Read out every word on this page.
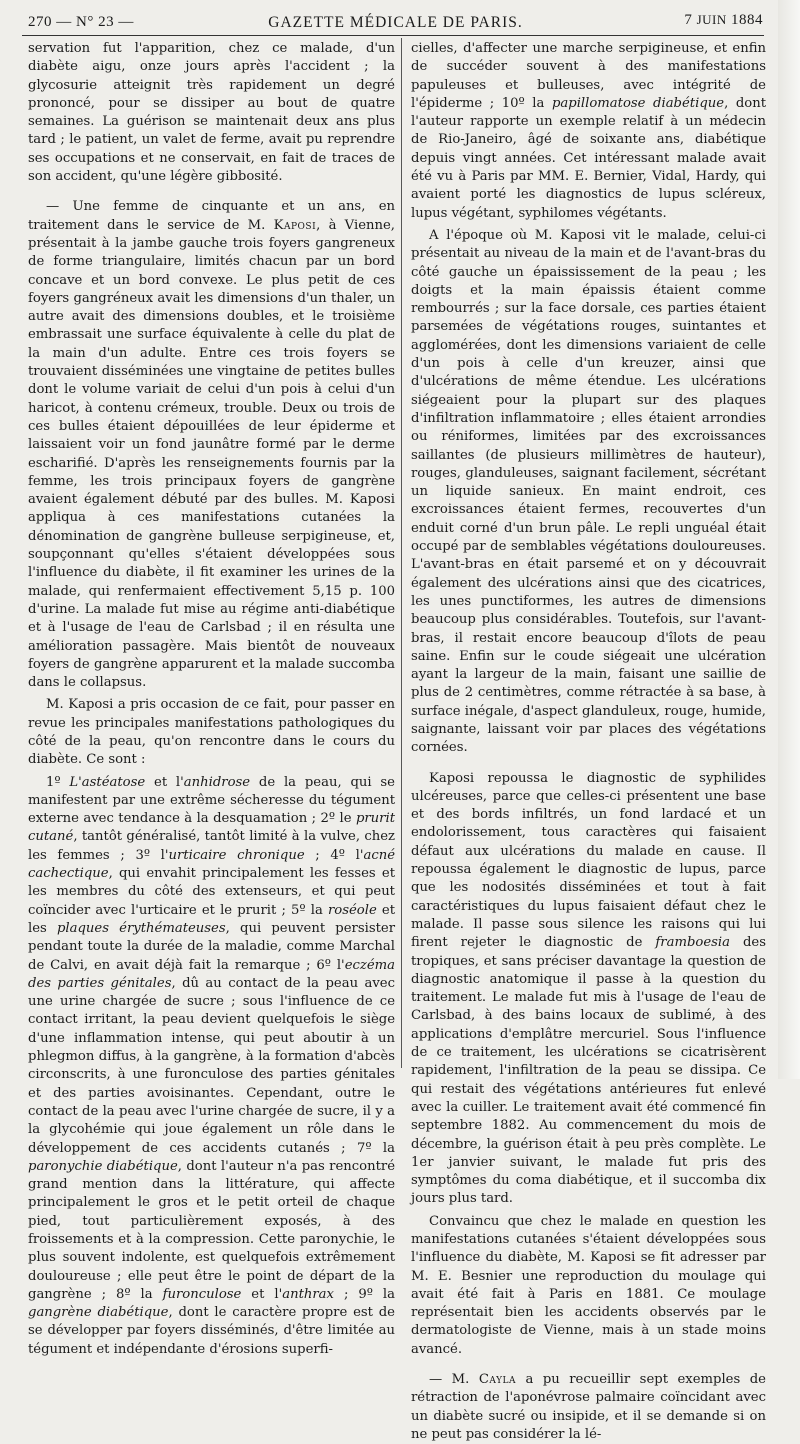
270 — N° 23 —	GAZETTE MÉDICALE DE PARIS.	7 JUIN 1884

servation fut l'apparition, chez ce malade, d'un diabète aigu, onze jours après l'accident ; la glycosurie atteignit très rapidement un degré prononcé, pour se dissiper au bout de quatre semaines. La guérison se maintenait deux ans plus tard ; le patient, un valet de ferme, avait pu reprendre ses occupations et ne conservait, en fait de traces de son accident, qu'une légère gibbosité.

— Une femme de cinquante et un ans, en traitement dans le service de M. Kaposi, à Vienne, présentait à la jambe gauche trois foyers gangreneux de forme triangulaire, limités chacun par un bord concave et un bord convexe. Le plus petit de ces foyers gangréneux avait les dimensions d'un thaler, un autre avait des dimensions doubles, et le troisième embrassait une surface équivalente à celle du plat de la main d'un adulte. Entre ces trois foyers se trouvaient disséminées une vingtaine de petites bulles dont le volume variait de celui d'un pois à celui d'un haricot, à contenu crémeux, trouble. Deux ou trois de ces bulles étaient dépouillées de leur épiderme et laissaient voir un fond jaunâtre formé par le derme escharifié. D'après les renseignements fournis par la femme, les trois principaux foyers de gangrène avaient également débuté par des bulles. M. Kaposi appliqua à ces manifestations cutanées la dénomination de gangrène bulleuse serpigineuse, et, soupçonnant qu'elles s'étaient développées sous l'influence du diabète, il fit examiner les urines de la malade, qui renfermaient effectivement 5,15 p. 100 d'urine. La malade fut mise au régime anti-diabétique et à l'usage de l'eau de Carlsbad ; il en résulta une amélioration passagère. Mais bientôt de nouveaux foyers de gangrène apparurent et la malade succomba dans le collapsus.

M. Kaposi a pris occasion de ce fait, pour passer en revue les principales manifestations pathologiques du côté de la peau, qu'on rencontre dans le cours du diabète. Ce sont :

1º L'astéatose et l'anhidrose de la peau, qui se manifestent par une extrême sécheresse du tégument externe avec tendance à la desquamation ; 2º le prurit cutané, tantôt généralisé, tantôt limité à la vulve, chez les femmes ; 3º l'urticaire chronique ; 4º l'acné cachectique, qui envahit principalement les fesses et les membres du côté des extenseurs, et qui peut coïncider avec l'urticaire et le prurit ; 5º la roséole et les plaques érythémateuses, qui peuvent persister pendant toute la durée de la maladie, comme Marchal de Calvi, en avait déjà fait la remarque ; 6º l'eczéma des parties génitales, dû au contact de la peau avec une urine chargée de sucre ; sous l'influence de ce contact irritant, la peau devient quelquefois le siège d'une inflammation intense, qui peut aboutir à un phlegmon diffus, à la gangrène, à la formation d'abcès circonscrits, à une furonculose des parties génitales et des parties avoisinantes. Cependant, outre le contact de la peau avec l'urine chargée de sucre, il y a la glycohémie qui joue également un rôle dans le développement de ces accidents cutanés ; 7º la paronychie diabétique, dont l'auteur n'a pas rencontré grand mention dans la littérature, qui affecte principalement le gros et le petit orteil de chaque pied, tout particulièrement exposés, à des froissements et à la compression. Cette paronychie, le plus souvent indolente, est quelquefois extrêmement douloureuse ; elle peut être le point de départ de la gangrène ; 8º la furonculose et l'anthrax ; 9º la gangrène diabétique, dont le caractère propre est de se développer par foyers disséminés, d'être limitée au tégument et indépendante d'érosions superfi-

cielles, d'affecter une marche serpigineuse, et enfin de succéder souvent à des manifestations papuleuses et bulleuses, avec intégrité de l'épiderme ; 10º la papillomatose diabétique, dont l'auteur rapporte un exemple relatif à un médecin de Rio-Janeiro, âgé de soixante ans, diabétique depuis vingt années. Cet intéressant malade avait été vu à Paris par MM. E. Bernier, Vidal, Hardy, qui avaient porté les diagnostics de lupus scléreux, lupus végétant, syphilomes végétants.

A l'époque où M. Kaposi vit le malade, celui-ci présentait au niveau de la main et de l'avant-bras du côté gauche un épaississement de la peau ; les doigts et la main épaissis étaient comme rembourrés ; sur la face dorsale, ces parties étaient parsemées de végétations rouges, suintantes et agglomérées, dont les dimensions variaient de celle d'un pois à celle d'un kreuzer, ainsi que d'ulcérations de même étendue. Les ulcérations siégeaient pour la plupart sur des plaques d'infiltration inflammatoire ; elles étaient arrondies ou réniformes, limitées par des excroissances saillantes (de plusieurs millimètres de hauteur), rouges, glanduleuses, saignant facilement, sécrétant un liquide sanieux. En maint endroit, ces excroissances étaient fermes, recouvertes d'un enduit corné d'un brun pâle. Le repli unguéal était occupé par de semblables végétations douloureuses. L'avant-bras en était parsemé et on y découvrait également des ulcérations ainsi que des cicatrices, les unes punctiformes, les autres de dimensions beaucoup plus considérables. Toutefois, sur l'avant-bras, il restait encore beaucoup d'îlots de peau saine. Enfin sur le coude siégeait une ulcération ayant la largeur de la main, faisant une saillie de plus de 2 centimètres, comme rétractée à sa base, à surface inégale, d'aspect glanduleux, rouge, humide, saignante, laissant voir par places des végétations cornées.

Kaposi repoussa le diagnostic de syphilides ulcéreuses, parce que celles-ci présentent une base et des bords infiltrés, un fond lardacé et un endolorissement, tous caractères qui faisaient défaut aux ulcérations du malade en cause. Il repoussa également le diagnostic de lupus, parce que les nodosités disséminées et tout à fait caractéristiques du lupus faisaient défaut chez le malade. Il passe sous silence les raisons qui lui firent rejeter le diagnostic de framboesia des tropiques, et sans préciser davantage la question de diagnostic anatomique il passe à la question du traitement. Le malade fut mis à l'usage de l'eau de Carlsbad, à des bains locaux de sublimé, à des applications d'emplâtre mercuriel. Sous l'influence de ce traitement, les ulcérations se cicatrisèrent rapidement, l'infiltration de la peau se dissipa. Ce qui restait des végétations antérieures fut enlevé avec la cuiller. Le traitement avait été commencé fin septembre 1882. Au commencement du mois de décembre, la guérison était à peu près complète. Le 1er janvier suivant, le malade fut pris des symptômes du coma diabétique, et il succomba dix jours plus tard.

Convaincu que chez le malade en question les manifestations cutanées s'étaient développées sous l'influence du diabète, M. Kaposi se fit adresser par M. E. Besnier une reproduction du moulage qui avait été fait à Paris en 1881. Ce moulage représentait bien les accidents observés par le dermatologiste de Vienne, mais à un stade moins avancé.

— M. Cayla a pu recueillir sept exemples de rétraction de l'aponévrose palmaire coïncidant avec un diabète sucré ou insipide, et il se demande si on ne peut pas considérer la lé-
